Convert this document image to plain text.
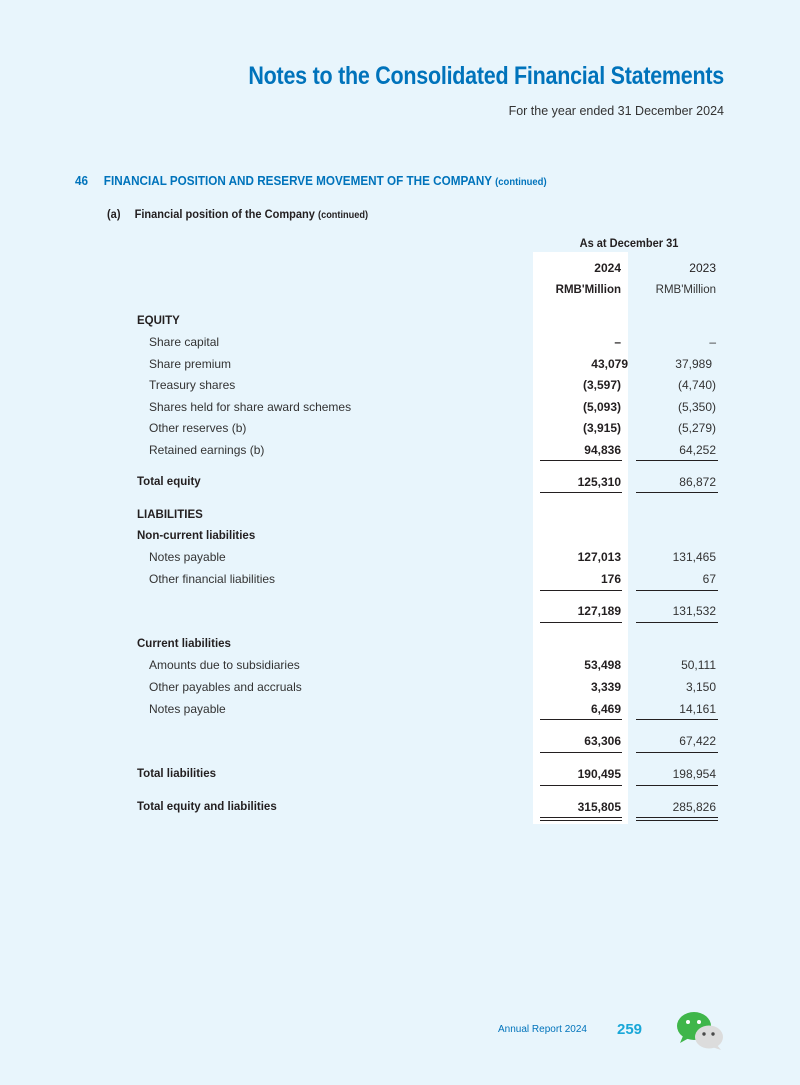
Notes to the Consolidated Financial Statements
For the year ended 31 December 2024
46 FINANCIAL POSITION AND RESERVE MOVEMENT OF THE COMPANY (continued)
(a) Financial position of the Company (continued)
As at December 31
2024	2023
RMB'Million	RMB'Million
EQUITY
Share capital	–	–
Share premium	43,079	37,989
Treasury shares	(3,597)	(4,740)
Shares held for share award schemes	(5,093)	(5,350)
Other reserves (b)	(3,915)	(5,279)
Retained earnings (b)	94,836	64,252
Total equity	125,310	86,872
LIABILITIES
Non-current liabilities
Notes payable	127,013	131,465
Other financial liabilities	176	67
127,189	131,532
Current liabilities
Amounts due to subsidiaries	53,498	50,111
Other payables and accruals	3,339	3,150
Notes payable	6,469	14,161
63,306	67,422
Total liabilities	190,495	198,954
Total equity and liabilities	315,805	285,826
Annual Report 2024 259
